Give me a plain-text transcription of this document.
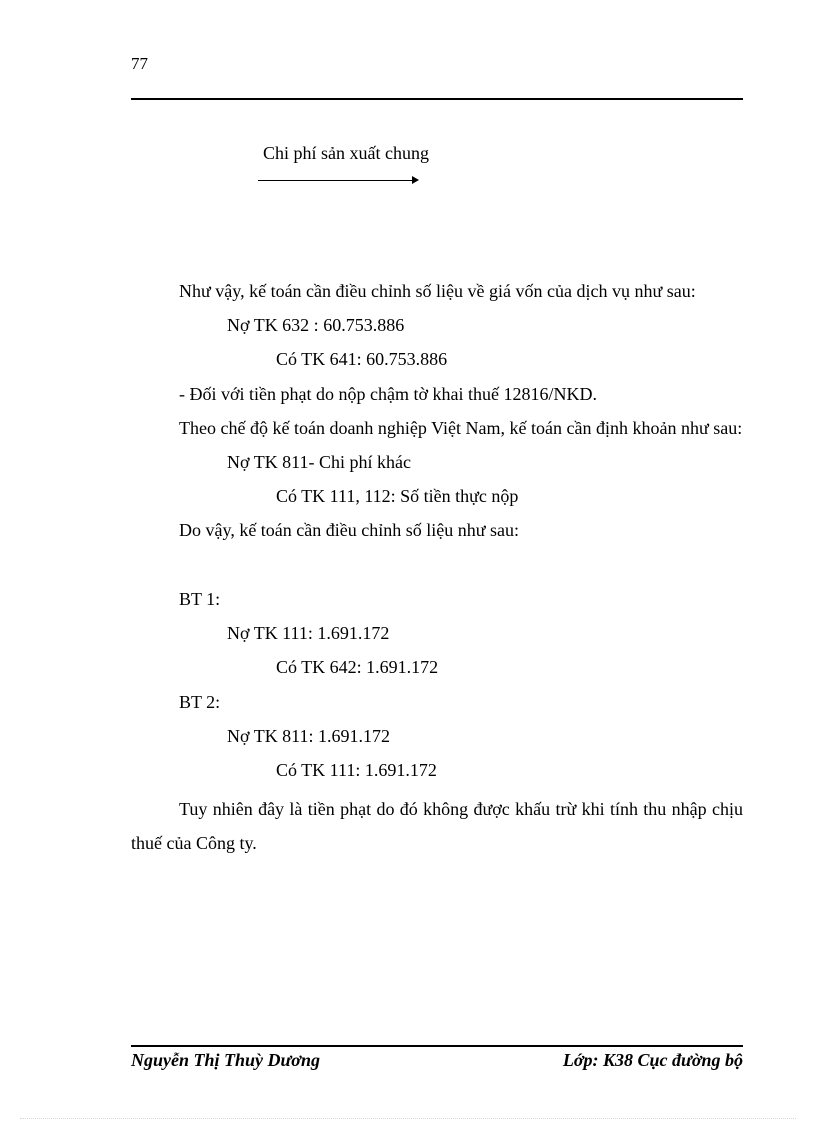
77
Chi phí sản xuất chung
Như vậy, kế toán cần điều chỉnh số liệu về giá vốn của dịch vụ như sau:
Nợ TK 632 : 60.753.886
Có TK 641: 60.753.886
- Đối với tiền phạt do nộp chậm tờ khai thuế 12816/NKD.
Theo chế độ kế toán doanh nghiệp Việt Nam, kế toán cần định khoản như sau:
Nợ TK 811- Chi phí khác
Có TK 111, 112: Số tiền thực nộp
Do vậy, kế toán cần điều chỉnh số liệu như sau:
BT 1:
Nợ TK 111: 1.691.172
Có TK 642: 1.691.172
BT 2:
Nợ TK 811: 1.691.172
Có TK 111: 1.691.172
Tuy nhiên đây là tiền phạt do đó không được khấu trừ khi tính thu nhập chịu thuế của Công ty.
Nguyễn Thị Thuỳ Dương	Lớp: K38 Cục đường bộ
